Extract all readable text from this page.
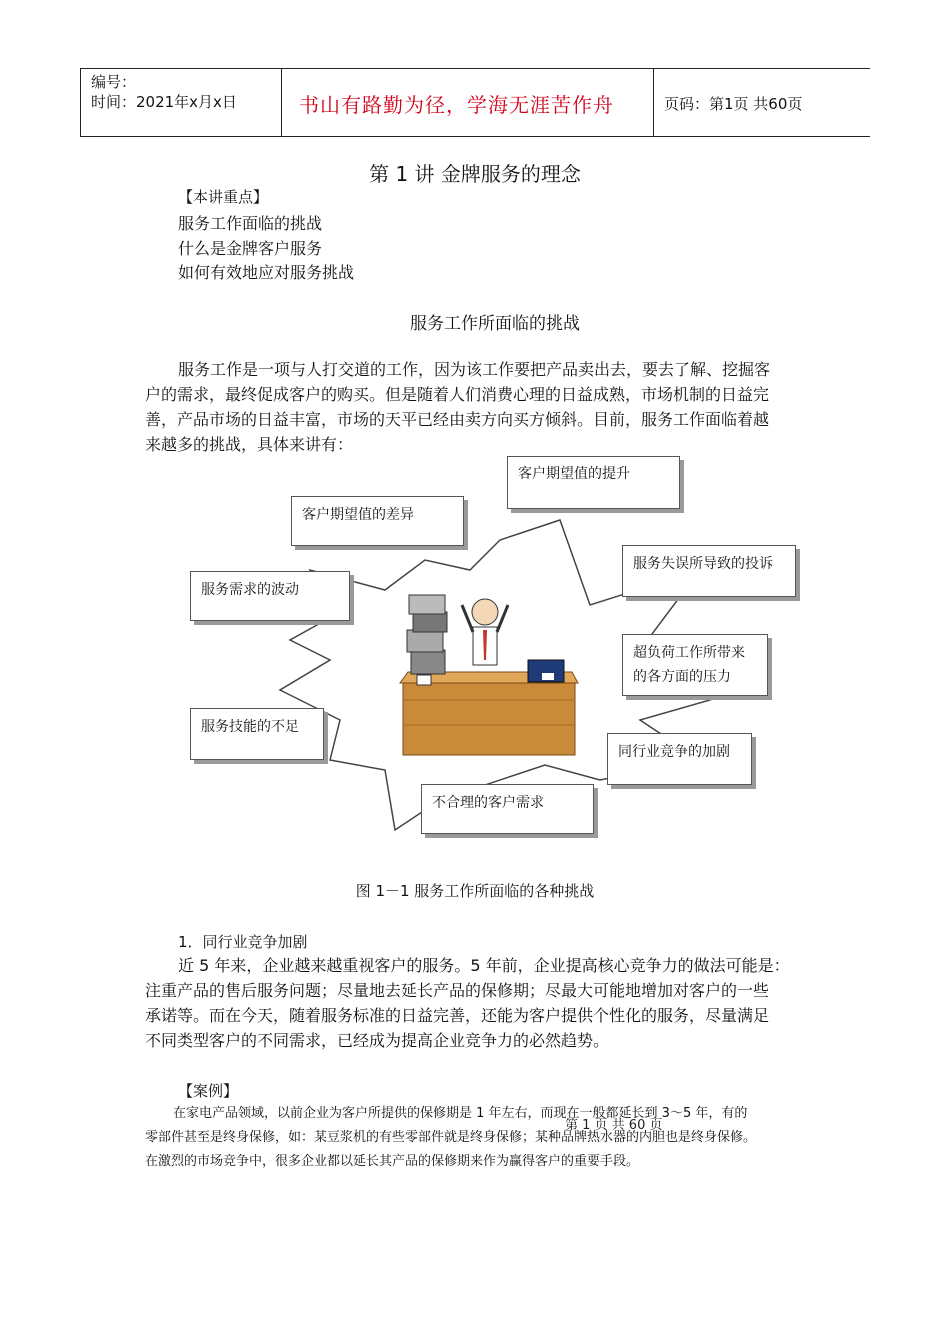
编号：
时间：2021年x月x日	书山有路勤为径，学海无涯苦作舟	页码：第1页 共60页
第 1 讲 金牌服务的理念
【本讲重点】
服务工作面临的挑战
什么是金牌客户服务
如何有效地应对服务挑战
服务工作所面临的挑战

服务工作是一项与人打交道的工作，因为该工作要把产品卖出去，要去了解、挖掘客

户的需求，最终促成客户的购买。但是随着人们消费心理的日益成熟，市场机制的日益完

善，产品市场的日益丰富，市场的天平已经由卖方向买方倾斜。目前，服务工作面临着越

来越多的挑战，具体来讲有：

客户期望值的提升
客户期望值的差异
服务失误所导致的投诉
服务需求的波动
超负荷工作所带来
的各方面的压力
服务技能的不足
同行业竞争的加剧
不合理的客户需求
图 1－1 服务工作所面临的各种挑战
1．同行业竞争加剧

近 5 年来，企业越来越重视客户的服务。5 年前，企业提高核心竞争力的做法可能是：

注重产品的售后服务问题；尽量地去延长产品的保修期；尽最大可能地增加对客户的一些

承诺等。而在今天，随着服务标准的日益完善，还能为客户提供个性化的服务，尽量满足

不同类型客户的不同需求，已经成为提高企业竞争力的必然趋势。

【案例】
在家电产品领域，以前企业为客户所提供的保修期是 1 年左右，而现在一般都延长到 3～5 年，有的
零部件甚至是终身保修，如：某豆浆机的有些零部件就是终身保修；某种品牌热水器的内胆也是终身保修。
在激烈的市场竞争中，很多企业都以延长其产品的保修期来作为赢得客户的重要手段。
第 1 页 共 60 页
